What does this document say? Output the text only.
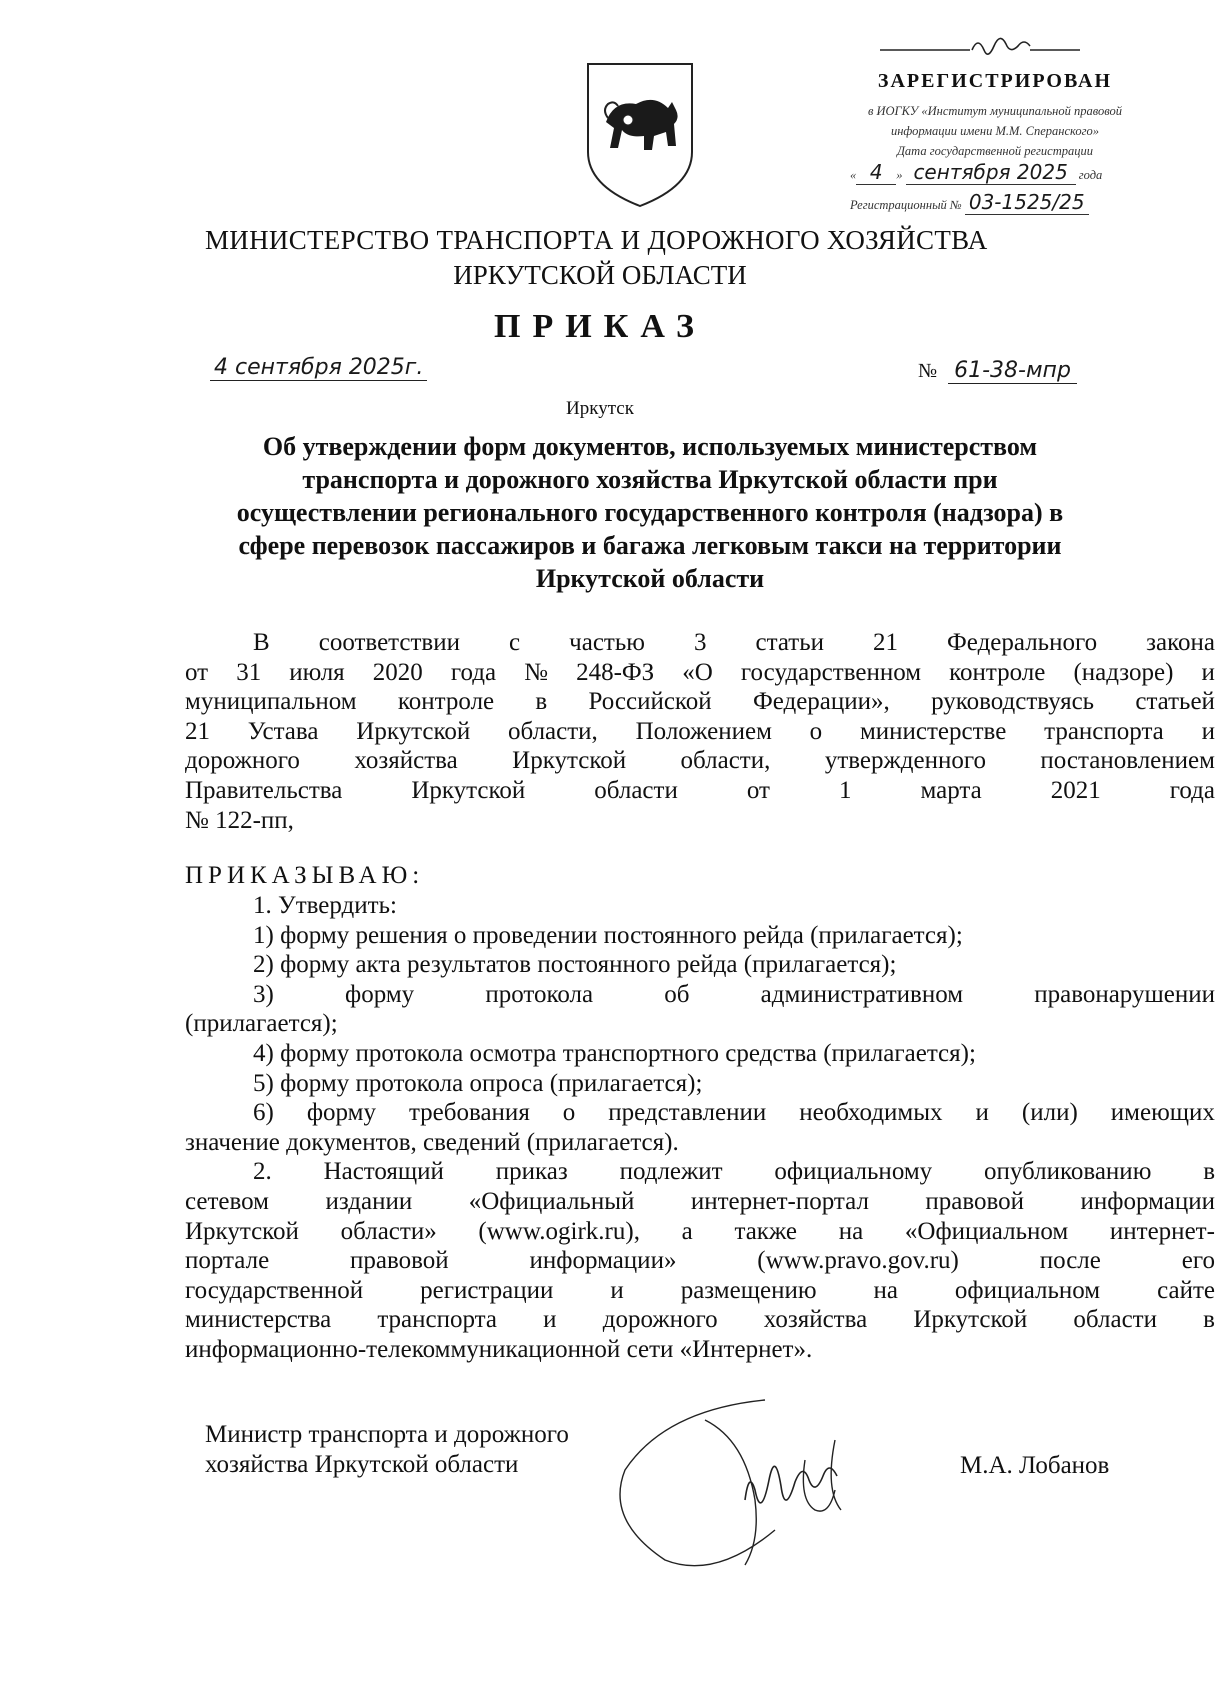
ЗАРЕГИСТРИРОВАН
в ИОГКУ «Институт муниципальной правовой
информации имени М.М. Сперанского»
Дата государственной регистрации
« 4 » сентября 2025 года
Регистрационный № 03-1525/25
МИНИСТЕРСТВО ТРАНСПОРТА И ДОРОЖНОГО ХОЗЯЙСТВА
ИРКУТСКОЙ ОБЛАСТИ
ПРИКАЗ
4 сентября 2025г.	№ 61-38-мпр
Иркутск
Об утверждении форм документов, используемых министерством
транспорта и дорожного хозяйства Иркутской области при
осуществлении регионального государственного контроля (надзора) в
сфере перевозок пассажиров и багажа легковым такси на территории
Иркутской области
В соответствии с частью 3 статьи 21 Федерального закона
от 31 июля 2020 года № 248-ФЗ «О государственном контроле (надзоре) и
муниципальном контроле в Российской Федерации», руководствуясь статьей
21 Устава Иркутской области, Положением о министерстве транспорта и
дорожного хозяйства Иркутской области, утвержденного постановлением
Правительства	Иркутской	области	от	1	марта	2021	года
№ 122-пп,
ПРИКАЗЫВАЮ:
1. Утвердить:
1) форму решения о проведении постоянного рейда (прилагается);
2) форму акта результатов постоянного рейда (прилагается);
3)	форму	протокола	об	административном	правонарушении
(прилагается);
4) форму протокола осмотра транспортного средства (прилагается);
5) форму протокола опроса (прилагается);
6) форму требования о представлении необходимых и (или) имеющих
значение документов, сведений (прилагается).
2. Настоящий приказ подлежит официальному опубликованию в
сетевом издании «Официальный интернет-портал правовой информации
Иркутской области» (www.ogirk.ru), а также на «Официальном интернет-
портале	правовой	информации»	(www.pravo.gov.ru)	после	его
государственной регистрации и размещению на официальном сайте
министерства транспорта и дорожного хозяйства Иркутской области в
информационно-телекоммуникационной сети «Интернет».
Министр транспорта и дорожного
хозяйства Иркутской области	М.А. Лобанов
